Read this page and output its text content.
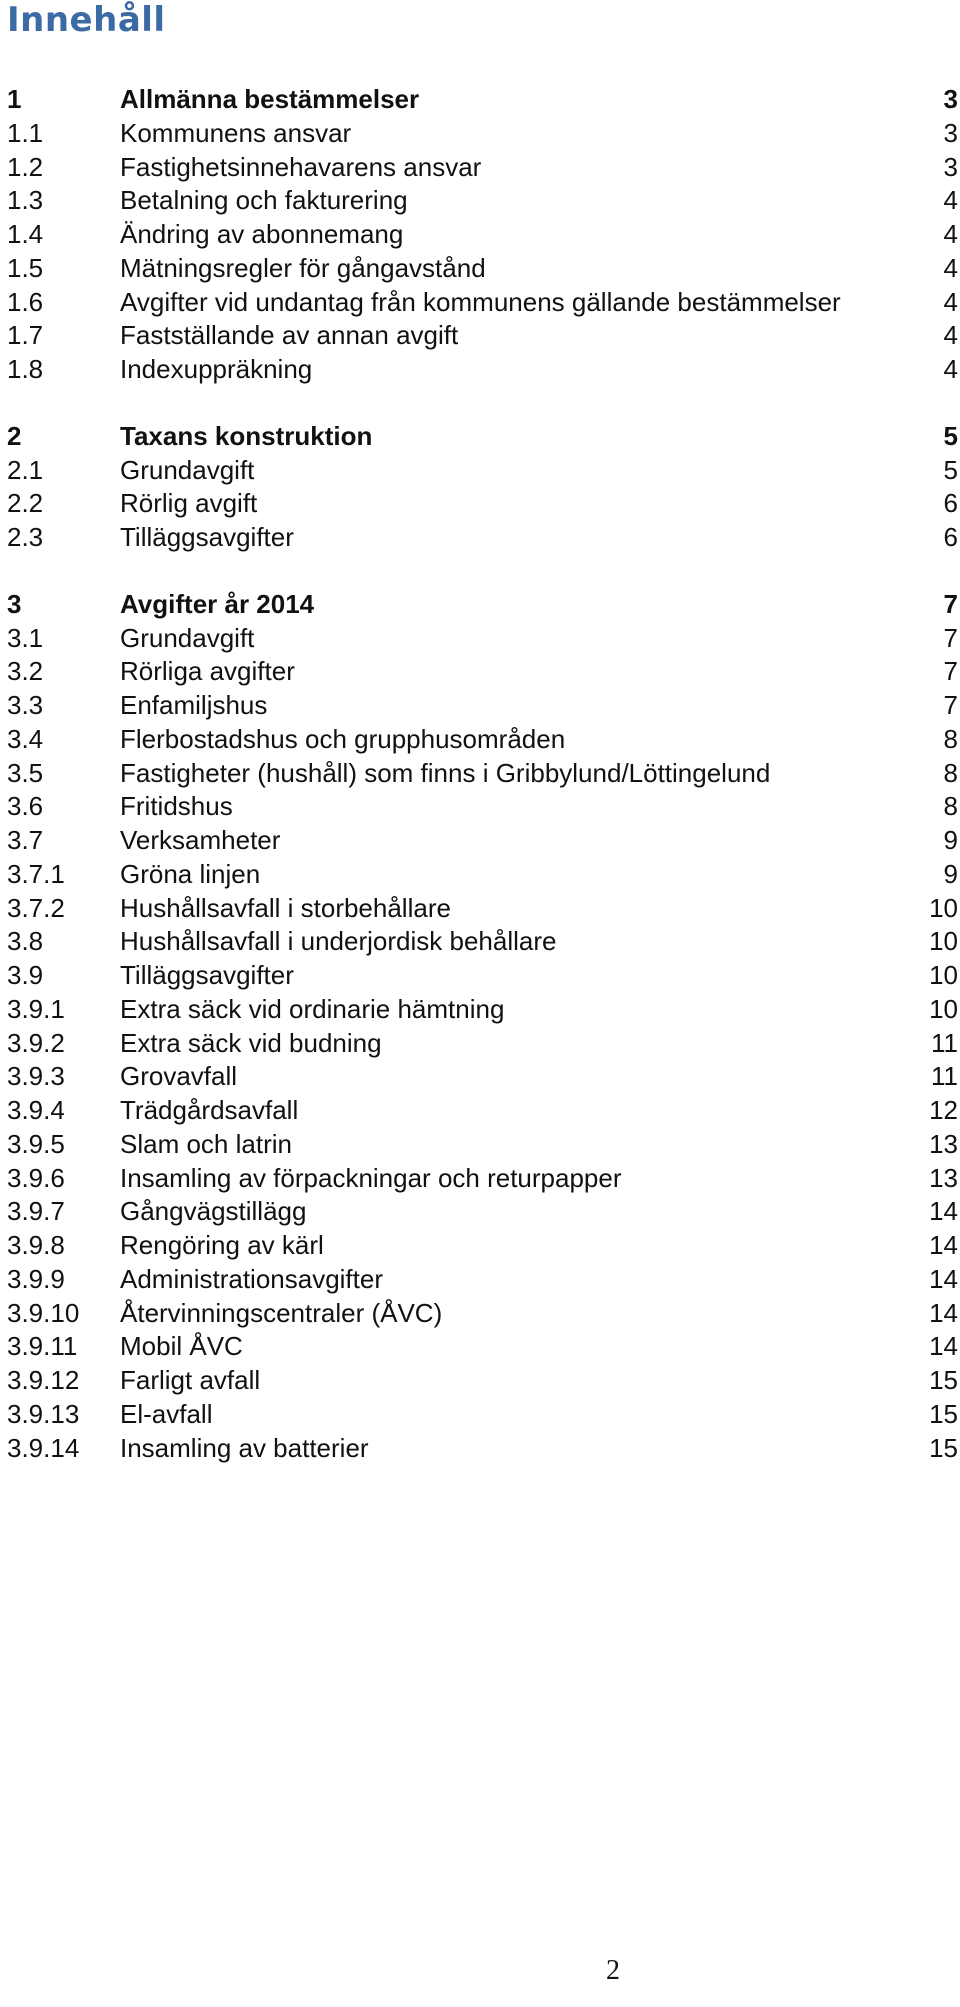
Innehåll
1	Allmänna bestämmelser	3
1.1	Kommunens ansvar	3
1.2	Fastighetsinnehavarens ansvar	3
1.3	Betalning och fakturering	4
1.4	Ändring av abonnemang	4
1.5	Mätningsregler för gångavstånd	4
1.6	Avgifter vid undantag från kommunens gällande bestämmelser	4
1.7	Fastställande av annan avgift	4
1.8	Indexuppräkning	4
2	Taxans konstruktion	5
2.1	Grundavgift	5
2.2	Rörlig avgift	6
2.3	Tilläggsavgifter	6
3	Avgifter år 2014	7
3.1	Grundavgift	7
3.2	Rörliga avgifter	7
3.3	Enfamiljshus	7
3.4	Flerbostadshus och grupphusområden	8
3.5	Fastigheter (hushåll) som finns i Gribbylund/Löttingelund	8
3.6	Fritidshus	8
3.7	Verksamheter	9
3.7.1 Gröna linjen	9
3.7.2 Hushållsavfall i storbehållare	10
3.8	Hushållsavfall i underjordisk behållare	10
3.9	Tilläggsavgifter	10
3.9.1 Extra säck vid ordinarie hämtning	10
3.9.2 Extra säck vid budning	11
3.9.3 Grovavfall	11
3.9.4 Trädgårdsavfall	12
3.9.5 Slam och latrin	13
3.9.6 Insamling av förpackningar och returpapper	13
3.9.7 Gångvägstillägg	14
3.9.8 Rengöring av kärl	14
3.9.9 Administrationsavgifter	14
3.9.10 Återvinningscentraler (ÅVC)	14
3.9.11 Mobil ÅVC	14
3.9.12 Farligt avfall	15
3.9.13 El-avfall	15
3.9.14 Insamling av batterier	15
2
